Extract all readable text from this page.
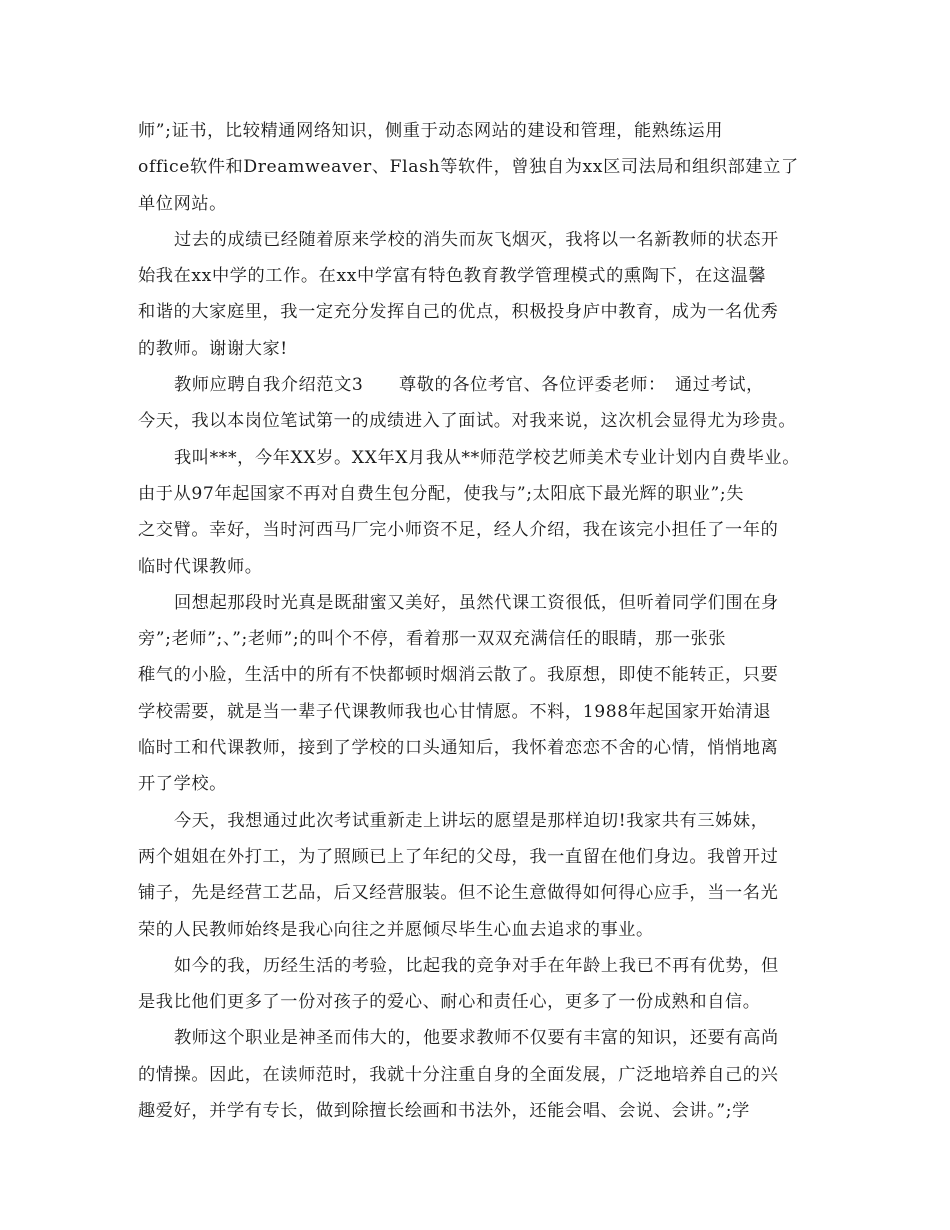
师”;证书，比较精通网络知识，侧重于动态网站的建设和管理，能熟练运用
office软件和Dreamweaver、Flash等软件，曾独自为xx区司法局和组织部建立了
单位网站。
过去的成绩已经随着原来学校的消失而灰飞烟灭，我将以一名新教师的状态开
始我在xx中学的工作。在xx中学富有特色教育教学管理模式的熏陶下，在这温馨
和谐的大家庭里，我一定充分发挥自己的优点，积极投身庐中教育，成为一名优秀
的教师。谢谢大家!
教师应聘自我介绍范文3　　尊敬的各位考官、各位评委老师：　通过考试，
今天，我以本岗位笔试第一的成绩进入了面试。对我来说，这次机会显得尤为珍贵。
我叫***，今年XX岁。XX年X月我从**师范学校艺师美术专业计划内自费毕业。
由于从97年起国家不再对自费生包分配，使我与”;太阳底下最光辉的职业”;失
之交臂。幸好，当时河西马厂完小师资不足，经人介绍，我在该完小担任了一年的
临时代课教师。
回想起那段时光真是既甜蜜又美好，虽然代课工资很低，但听着同学们围在身
旁”;老师”;、”;老师”;的叫个不停，看着那一双双充满信任的眼睛，那一张张
稚气的小脸，生活中的所有不快都顿时烟消云散了。我原想，即使不能转正，只要
学校需要，就是当一辈子代课教师我也心甘情愿。不料，1988年起国家开始清退
临时工和代课教师，接到了学校的口头通知后，我怀着恋恋不舍的心情，悄悄地离
开了学校。
今天，我想通过此次考试重新走上讲坛的愿望是那样迫切!我家共有三姊妹，
两个姐姐在外打工，为了照顾已上了年纪的父母，我一直留在他们身边。我曾开过
铺子，先是经营工艺品，后又经营服装。但不论生意做得如何得心应手，当一名光
荣的人民教师始终是我心向往之并愿倾尽毕生心血去追求的事业。
如今的我，历经生活的考验，比起我的竞争对手在年龄上我已不再有优势，但
是我比他们更多了一份对孩子的爱心、耐心和责任心，更多了一份成熟和自信。
教师这个职业是神圣而伟大的，他要求教师不仅要有丰富的知识，还要有高尚
的情操。因此，在读师范时，我就十分注重自身的全面发展，广泛地培养自己的兴
趣爱好，并学有专长，做到除擅长绘画和书法外，还能会唱、会说、会讲。”;学
